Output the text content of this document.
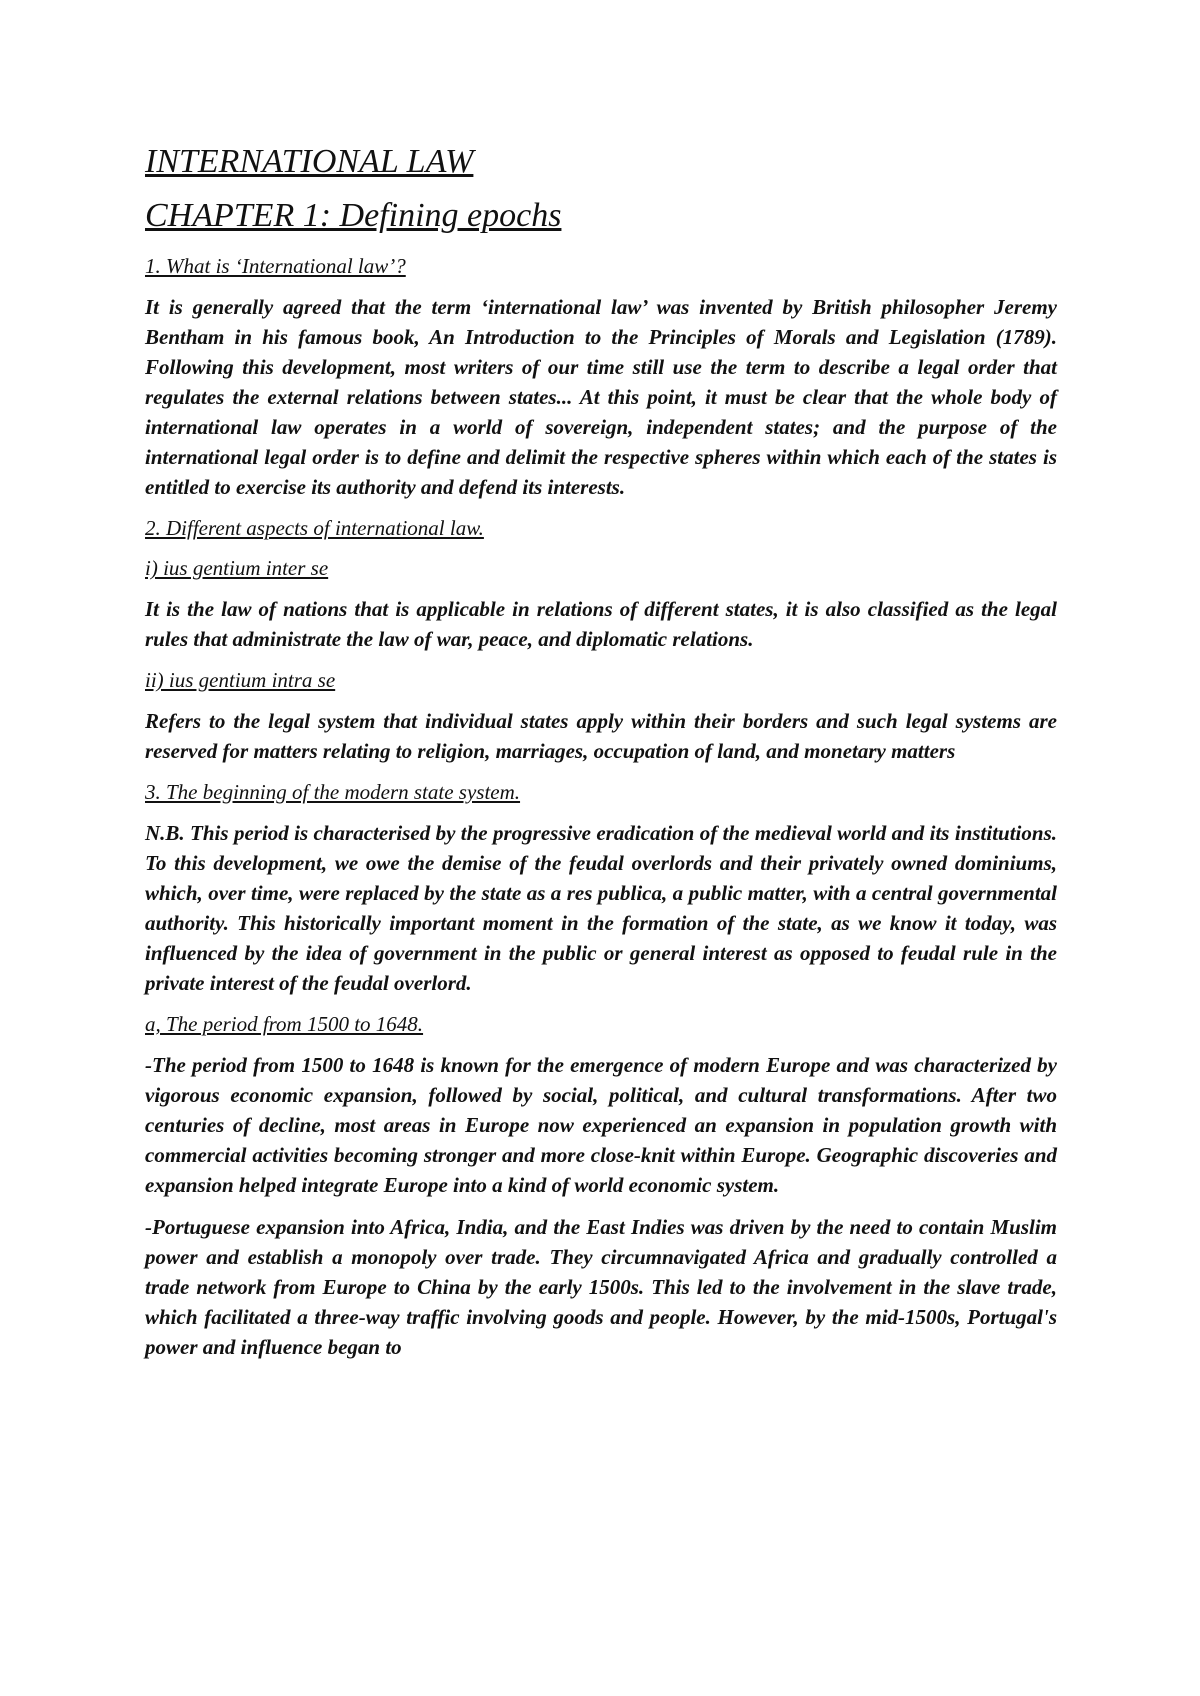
INTERNATIONAL LAW
CHAPTER 1: Defining epochs
1. What is ‘International law’?

It is generally agreed that the term ‘international law’ was invented by British philosopher Jeremy Bentham in his famous book, An Introduction to the Principles of Morals and Legislation (1789). Following this development, most writers of our time still use the term to describe a legal order that regulates the external relations between states... At this point, it must be clear that the whole body of international law operates in a world of sovereign, independent states; and the purpose of the international legal order is to define and delimit the respective spheres within which each of the states is entitled to exercise its authority and defend its interests.

2. Different aspects of international law.
i) ius gentium inter se

It is the law of nations that is applicable in relations of different states, it is also classified as the legal rules that administrate the law of war, peace, and diplomatic relations.

ii) ius gentium intra se

Refers to the legal system that individual states apply within their borders and such legal systems are reserved for matters relating to religion, marriages, occupation of land, and monetary matters

3. The beginning of the modern state system.

N.B. This period is characterised by the progressive eradication of the medieval world and its institutions. To this development, we owe the demise of the feudal overlords and their privately owned dominiums, which, over time, were replaced by the state as a res publica, a public matter, with a central governmental authority. This historically important moment in the formation of the state, as we know it today, was influenced by the idea of government in the public or general interest as opposed to feudal rule in the private interest of the feudal overlord.

a, The period from 1500 to 1648.

-The period from 1500 to 1648 is known for the emergence of modern Europe and was characterized by vigorous economic expansion, followed by social, political, and cultural transformations. After two centuries of decline, most areas in Europe now experienced an expansion in population growth with commercial activities becoming stronger and more close-knit within Europe. Geographic discoveries and expansion helped integrate Europe into a kind of world economic system.

-Portuguese expansion into Africa, India, and the East Indies was driven by the need to contain Muslim power and establish a monopoly over trade. They circumnavigated Africa and gradually controlled a trade network from Europe to China by the early 1500s. This led to the involvement in the slave trade, which facilitated a three-way traffic involving goods and people. However, by the mid-1500s, Portugal's power and influence began to
